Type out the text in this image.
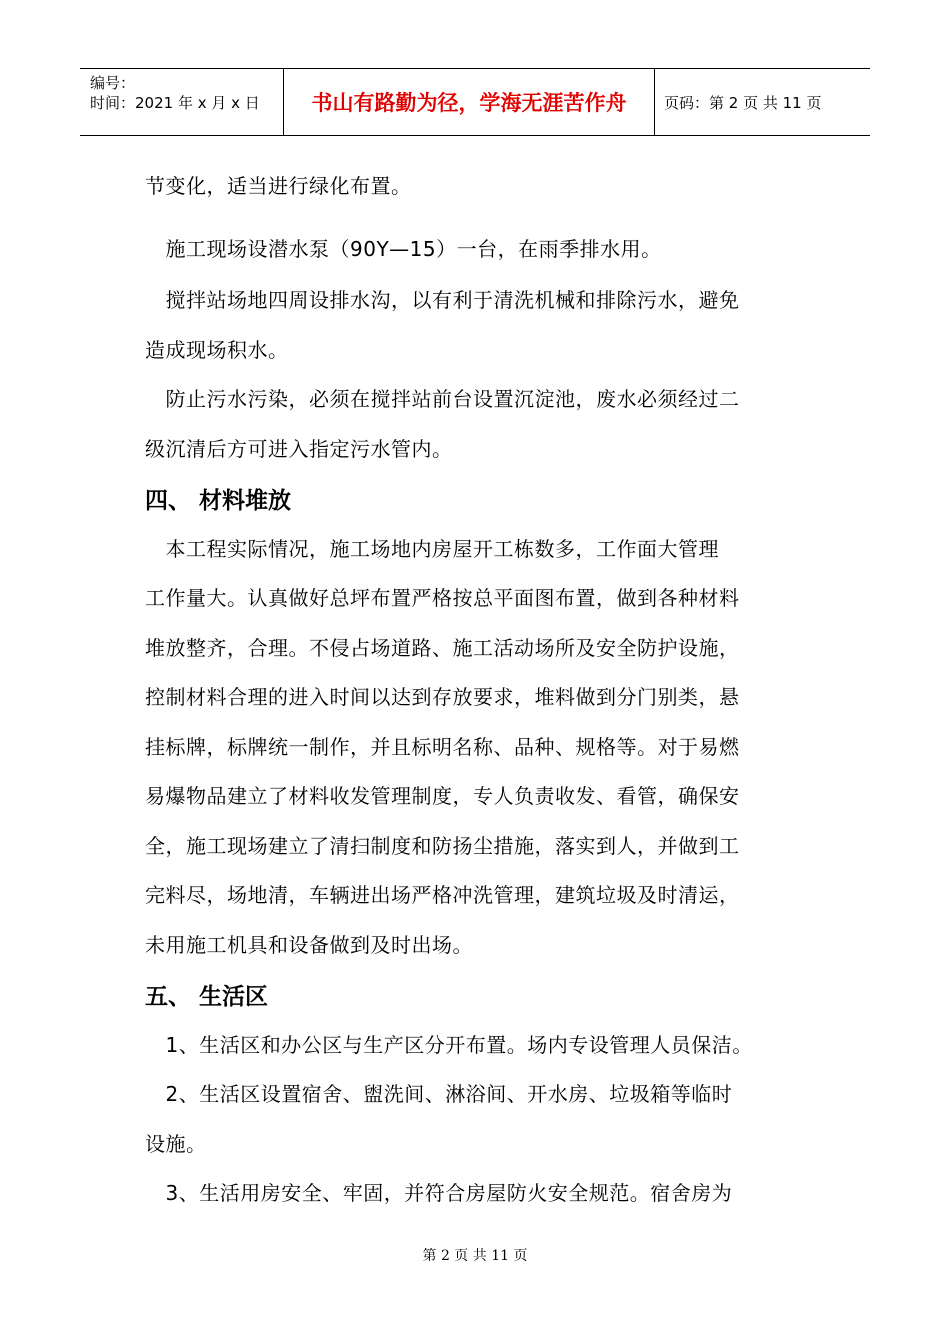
编号：
时间：2021 年 x 月 x 日	书山有路勤为径，学海无涯苦作舟	页码：第 2 页 共 11 页

节变化，适当进行绿化布置。

　施工现场设潜水泵（90Y—15）一台，在雨季排水用。

　搅拌站场地四周设排水沟，以有利于清洗机械和排除污水，避免

造成现场积水。

　防止污水污染，必须在搅拌站前台设置沉淀池，废水必须经过二

级沉清后方可进入指定污水管内。

四、 材料堆放

　本工程实际情况，施工场地内房屋开工栋数多，工作面大管理

工作量大。认真做好总坪布置严格按总平面图布置，做到各种材料

堆放整齐，合理。不侵占场道路、施工活动场所及安全防护设施，

控制材料合理的进入时间以达到存放要求，堆料做到分门别类，悬

挂标牌，标牌统一制作，并且标明名称、品种、规格等。对于易燃

易爆物品建立了材料收发管理制度，专人负责收发、看管，确保安

全，施工现场建立了清扫制度和防扬尘措施，落实到人，并做到工

完料尽，场地清，车辆进出场严格冲洗管理，建筑垃圾及时清运，

未用施工机具和设备做到及时出场。

五、 生活区

　1、生活区和办公区与生产区分开布置。场内专设管理人员保洁。

　2、生活区设置宿舍、盥洗间、淋浴间、开水房、垃圾箱等临时

设施。

　3、生活用房安全、牢固，并符合房屋防火安全规范。宿舍房为

第 2 页 共 11 页
